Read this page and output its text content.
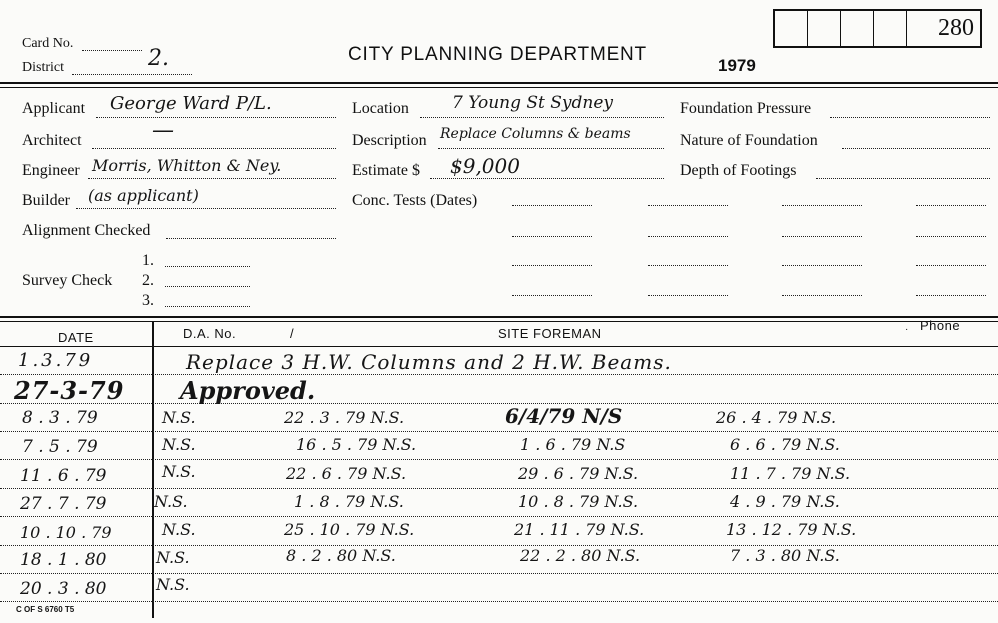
280
Card No.
District	2.	CITY PLANNING DEPARTMENT
1979
Applicant George Ward P/L.
Architect	—
Engineer Morris, Whitton & Ney.
Builder (as applicant)
Alignment Checked
Survey Check
1.
2.
3.
Location	7 Young St Sydney
Description Replace Columns & beams
Estimate $ $9,000
Conc. Tests (Dates)
Foundation Pressure
Nature of Foundation
Depth of Footings
DATE	D.A. No.	/	SITE FOREMAN
Phone
·
1.3.79	Replace 3 H.W. Columns and 2 H.W. Beams.
27-3-79 Approved.
8 . 3 . 79	N.S.	22 . 3 . 79 N.S.	6/4/79 N/S	26 . 4 . 79 N.S.
7 . 5 . 79	N.S.	16 . 5 . 79 N.S.	1 . 6 . 79 N.S	6 . 6 . 79 N.S.
11 . 6 . 79	N.S.	22 . 6 . 79 N.S.	29 . 6 . 79 N.S.	11 . 7 . 79 N.S.
27 . 7 . 79	N.S.	1 . 8 . 79 N.S.	10 . 8 . 79 N.S.	4 . 9 . 79 N.S.
10 . 10 . 79	N.S.	25 . 10 . 79 N.S.	21 . 11 . 79 N.S.	13 . 12 . 79 N.S.
18 . 1 . 80	N.S.	8 . 2 . 80 N.S.	22 . 2 . 80 N.S.	7 . 3 . 80 N.S.
20 . 3 . 80	N.S.
C OF S 6760 T5
